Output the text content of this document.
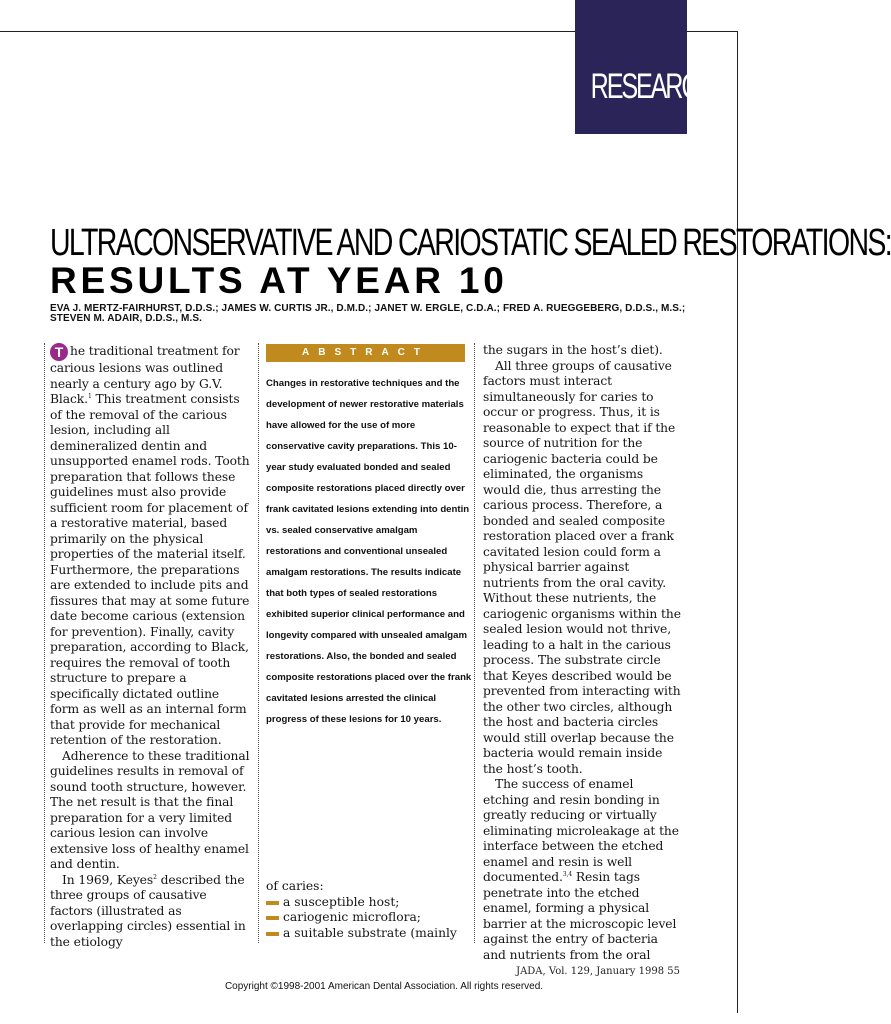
RESEARCH
ULTRACONSERVATIVE AND CARIOSTATIC SEALED RESTORATIONS:
RESULTS AT YEAR 10
EVA J. MERTZ-FAIRHURST, D.D.S.; JAMES W. CURTIS JR., D.M.D.; JANET W. ERGLE, C.D.A.; FRED A. RUEGGEBERG, D.D.S., M.S.; STEVEN M. ADAIR, D.D.S., M.S.

T he traditional treatment for carious lesions was outlined nearly a century ago by G.V. Black.$^1$ This treatment consists of the removal of the carious lesion, including all demineralized dentin and unsupported enamel rods. Tooth preparation that follows these guidelines must also provide sufficient room for placement of a restorative material, based primarily on the physical properties of the material itself. Furthermore, the preparations are extended to include pits and fissures that may at some future date become carious (extension for prevention). Finally, cavity preparation, according to Black, requires the removal of tooth structure to prepare a specifically dictated outline form as well as an internal form that provide for mechanical retention of the restoration.

Adherence to these traditional guidelines results in removal of sound tooth structure, however. The net result is that the final preparation for a very limited carious lesion can involve extensive loss of healthy enamel and dentin.

In 1969, Keyes$^2$ described the three groups of causative factors (illustrated as overlapping circles) essential in the etiology

ABSTRACT

Changes in restorative techniques and the development of newer restorative materials have allowed for the use of more conservative cavity preparations. This 10-year study evaluated bonded and sealed composite restorations placed directly over frank cavitated lesions extending into dentin vs. sealed conservative amalgam restorations and conventional unsealed amalgam restorations. The results indicate that both types of sealed restorations exhibited superior clinical performance and longevity compared with unsealed amalgam restorations. Also, the bonded and sealed composite restorations placed over the frank cavitated lesions arrested the clinical progress of these lesions for 10 years.

of caries:
a susceptible host;
cariogenic microflora;
a suitable substrate (mainly

the sugars in the host’s diet).

All three groups of causative factors must interact simultaneously for caries to occur or progress. Thus, it is reasonable to expect that if the source of nutrition for the cariogenic bacteria could be eliminated, the organisms would die, thus arresting the carious process. Therefore, a bonded and sealed composite restoration placed over a frank cavitated lesion could form a physical barrier against nutrients from the oral cavity. Without these nutrients, the cariogenic organisms within the sealed lesion would not thrive, leading to a halt in the carious process. The substrate circle that Keyes described would be prevented from interacting with the other two circles, although the host and bacteria circles would still overlap because the bacteria would remain inside the host’s tooth.

The success of enamel etching and resin bonding in greatly reducing or virtually eliminating microleakage at the interface between the etched enamel and resin is well documented.$^{3,4}$ Resin tags penetrate into the etched enamel, forming a physical barrier at the microscopic level against the entry of bacteria and nutrients from the oral

JADA, Vol. 129, January 1998 55
Copyright ©1998-2001 American Dental Association. All rights reserved.
